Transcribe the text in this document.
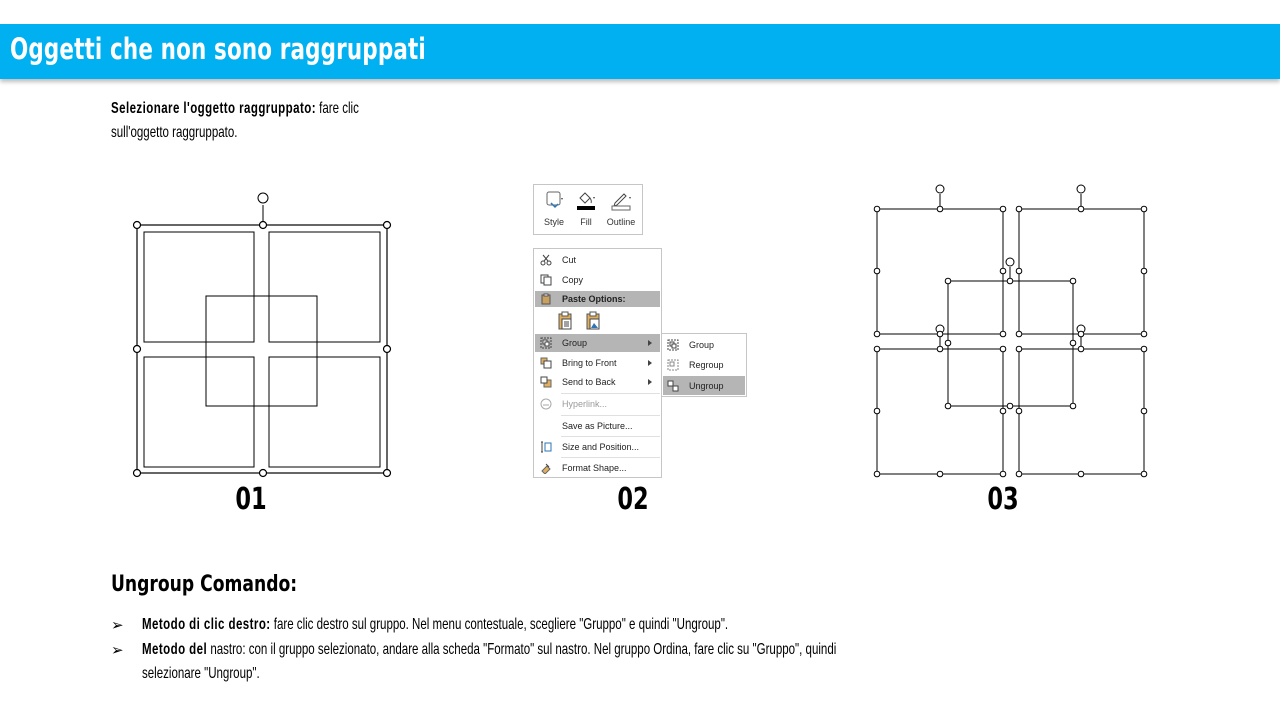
Oggetti che non sono raggruppati
Selezionare l'oggetto raggruppato: fare clic
sull'oggetto raggruppato.
01
Style	Fill	Outline
Cut
Copy
Paste Options:
Group
Bring to Front
Send to Back
Hyperlink...
Save as Picture...
Size and Position...
Format Shape...
Group
Regroup
Ungroup
02	03
Ungroup Comando:
➢ Metodo di clic destro: fare clic destro sul gruppo. Nel menu contestuale, scegliere "Gruppo" e quindi "Ungroup".
➢ Metodo del nastro: con il gruppo selezionato, andare alla scheda "Formato" sul nastro. Nel gruppo Ordina, fare clic su "Gruppo", quindi
selezionare "Ungroup".
